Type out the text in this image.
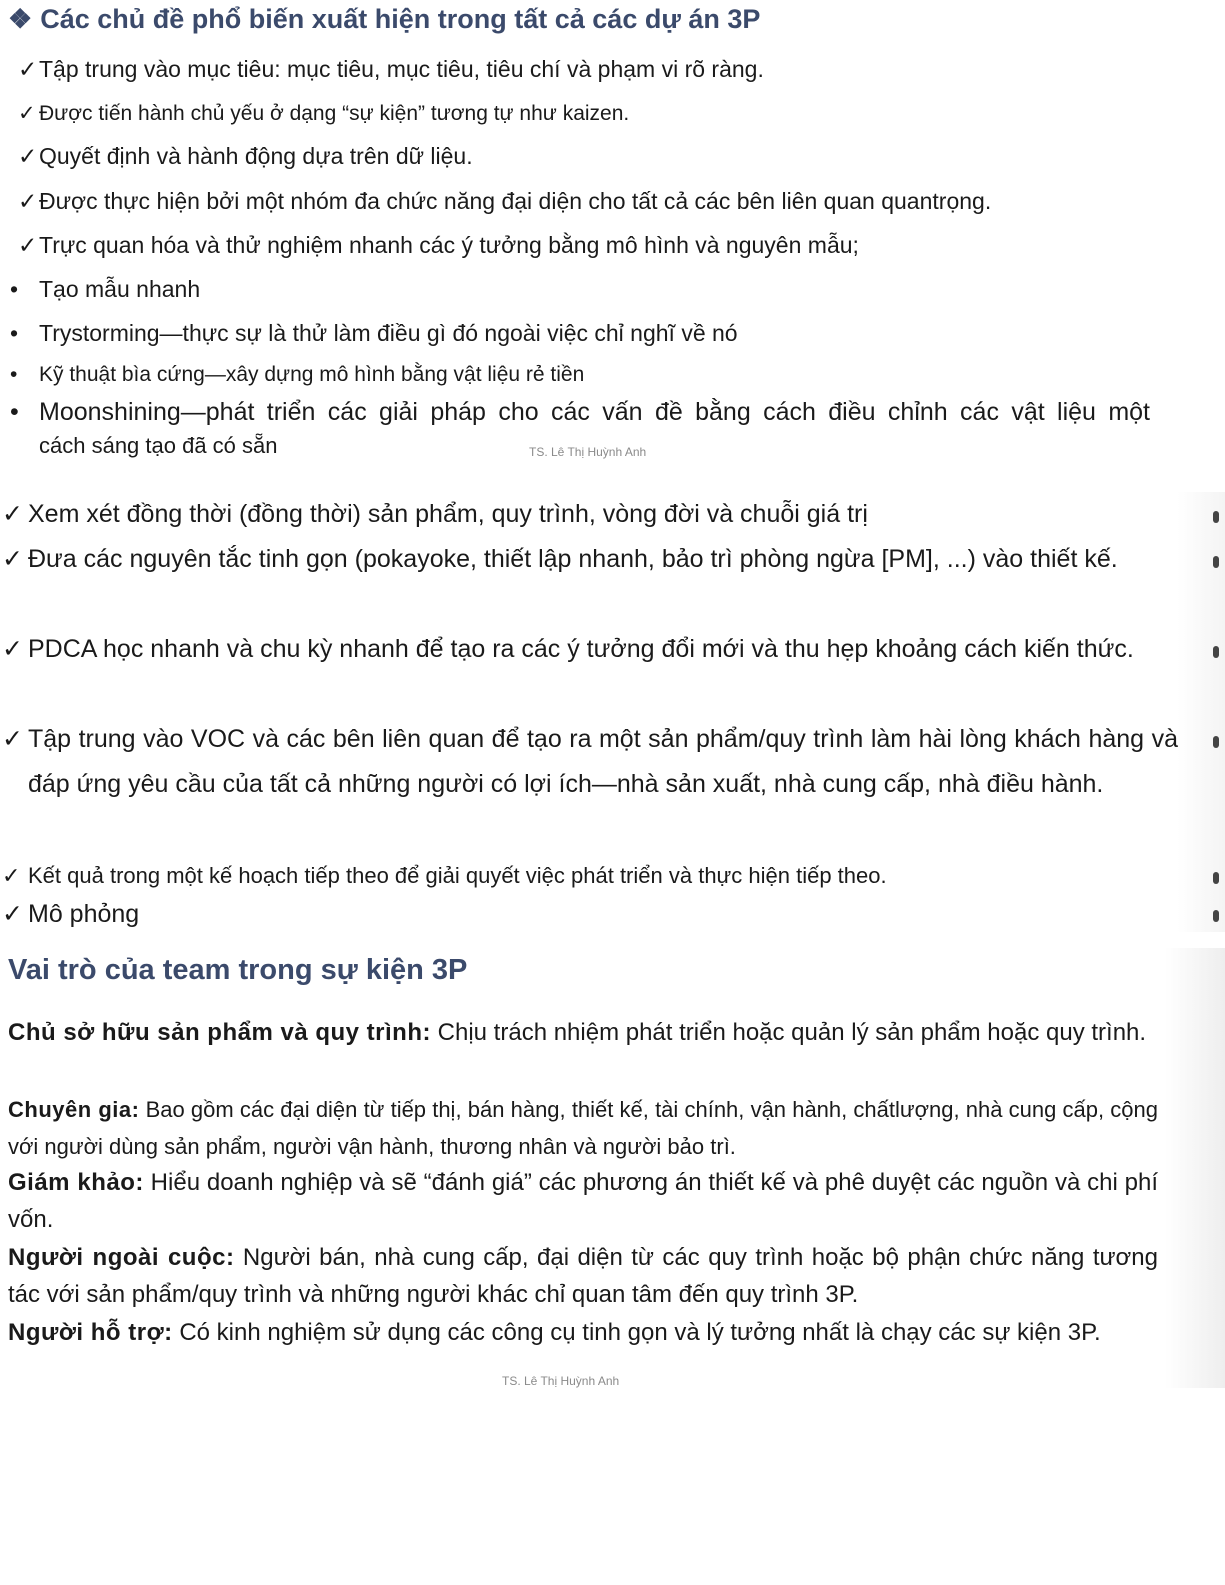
❖ Các chủ đề phổ biến xuất hiện trong tất cả các dự án 3P
✓Tập trung vào mục tiêu: mục tiêu, mục tiêu, tiêu chí và phạm vi rõ ràng.
✓ Được tiến hành chủ yếu ở dạng “sự kiện” tương tự như kaizen.
✓Quyết định và hành động dựa trên dữ liệu.
✓Được thực hiện bởi một nhóm đa chức năng đại diện cho tất cả các bên liên quan quantrọng.
✓Trực quan hóa và thử nghiệm nhanh các ý tưởng bằng mô hình và nguyên mẫu;
• Tạo mẫu nhanh
• Trystorming—thực sự là thử làm điều gì đó ngoài việc chỉ nghĩ về nó
• Kỹ thuật bìa cứng—xây dựng mô hình bằng vật liệu rẻ tiền
• Moonshining—phát triển các giải pháp cho các vấn đề bằng cách điều chỉnh các vật liệu một
cách sáng tạo đã có sẵn	TS. Lê Thị Huỳnh Anh
✓ Xem xét đồng thời (đồng thời) sản phẩm, quy trình, vòng đời và chuỗi giá trị
✓ Đưa các nguyên tắc tinh gọn (pokayoke, thiết lập nhanh, bảo trì phòng ngừa [PM], ...) vào thiết kế.
✓ PDCA học nhanh và chu kỳ nhanh để tạo ra các ý tưởng đổi mới và thu hẹp khoảng cách kiến thức.
✓ Tập trung vào VOC và các bên liên quan để tạo ra một sản phẩm/quy trình làm hài lòng khách hàng và đáp ứng yêu cầu của tất cả những người có lợi ích—nhà sản xuất, nhà cung cấp, nhà điều hành.
✓ Kết quả trong một kế hoạch tiếp theo để giải quyết việc phát triển và thực hiện tiếp theo.
✓ Mô phỏng
Vai trò của team trong sự kiện 3P
Chủ sở hữu sản phẩm và quy trình: Chịu trách nhiệm phát triển hoặc quản lý sản phẩm hoặc quy trình.
Chuyên gia: Bao gồm các đại diện từ tiếp thị, bán hàng, thiết kế, tài chính, vận hành, chấtlượng, nhà cung cấp, cộng với người dùng sản phẩm, người vận hành, thương nhân và người bảo trì.
Giám khảo: Hiểu doanh nghiệp và sẽ “đánh giá” các phương án thiết kế và phê duyệt các nguồn và chi phí vốn.
Người ngoài cuộc: Người bán, nhà cung cấp, đại diện từ các quy trình hoặc bộ phận chức năng tương tác với sản phẩm/quy trình và những người khác chỉ quan tâm đến quy trình 3P.
Người hỗ trợ: Có kinh nghiệm sử dụng các công cụ tinh gọn và lý tưởng nhất là chạy các sự kiện 3P.
TS. Lê Thị Huỳnh Anh
